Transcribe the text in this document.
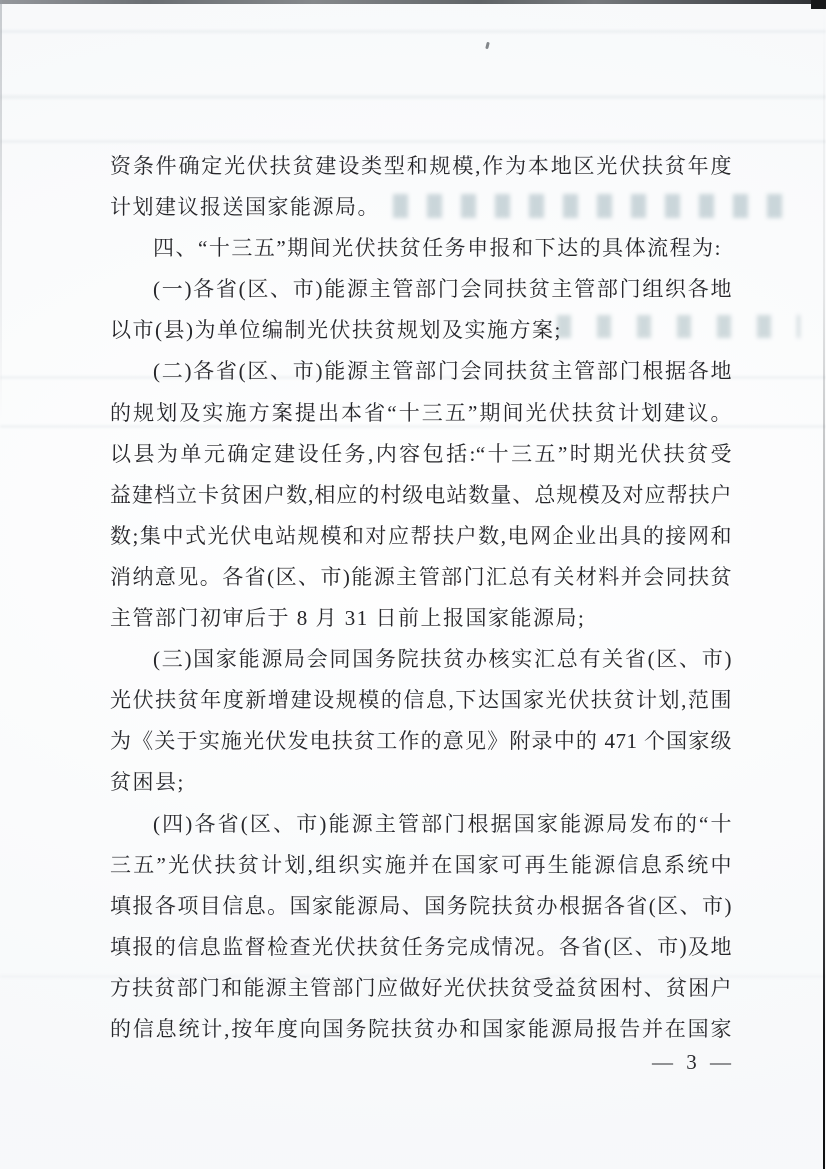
资条件确定光伏扶贫建设类型和规模,作为本地区光伏扶贫年度
计划建议报送国家能源局。
四、“十三五”期间光伏扶贫任务申报和下达的具体流程为:
(一)各省(区、市)能源主管部门会同扶贫主管部门组织各地
以市(县)为单位编制光伏扶贫规划及实施方案;
(二)各省(区、市)能源主管部门会同扶贫主管部门根据各地
的规划及实施方案提出本省“十三五”期间光伏扶贫计划建议。
以县为单元确定建设任务,内容包括:“十三五”时期光伏扶贫受
益建档立卡贫困户数,相应的村级电站数量、总规模及对应帮扶户
数;集中式光伏电站规模和对应帮扶户数,电网企业出具的接网和
消纳意见。各省(区、市)能源主管部门汇总有关材料并会同扶贫
主管部门初审后于 8 月 31 日前上报国家能源局;
(三)国家能源局会同国务院扶贫办核实汇总有关省(区、市)
光伏扶贫年度新增建设规模的信息,下达国家光伏扶贫计划,范围
为《关于实施光伏发电扶贫工作的意见》附录中的 471 个国家级
贫困县;
(四)各省(区、市)能源主管部门根据国家能源局发布的“十
三五”光伏扶贫计划,组织实施并在国家可再生能源信息系统中
填报各项目信息。国家能源局、国务院扶贫办根据各省(区、市)
填报的信息监督检查光伏扶贫任务完成情况。各省(区、市)及地
方扶贫部门和能源主管部门应做好光伏扶贫受益贫困村、贫困户
的信息统计,按年度向国务院扶贫办和国家能源局报告并在国家
— 3 —
